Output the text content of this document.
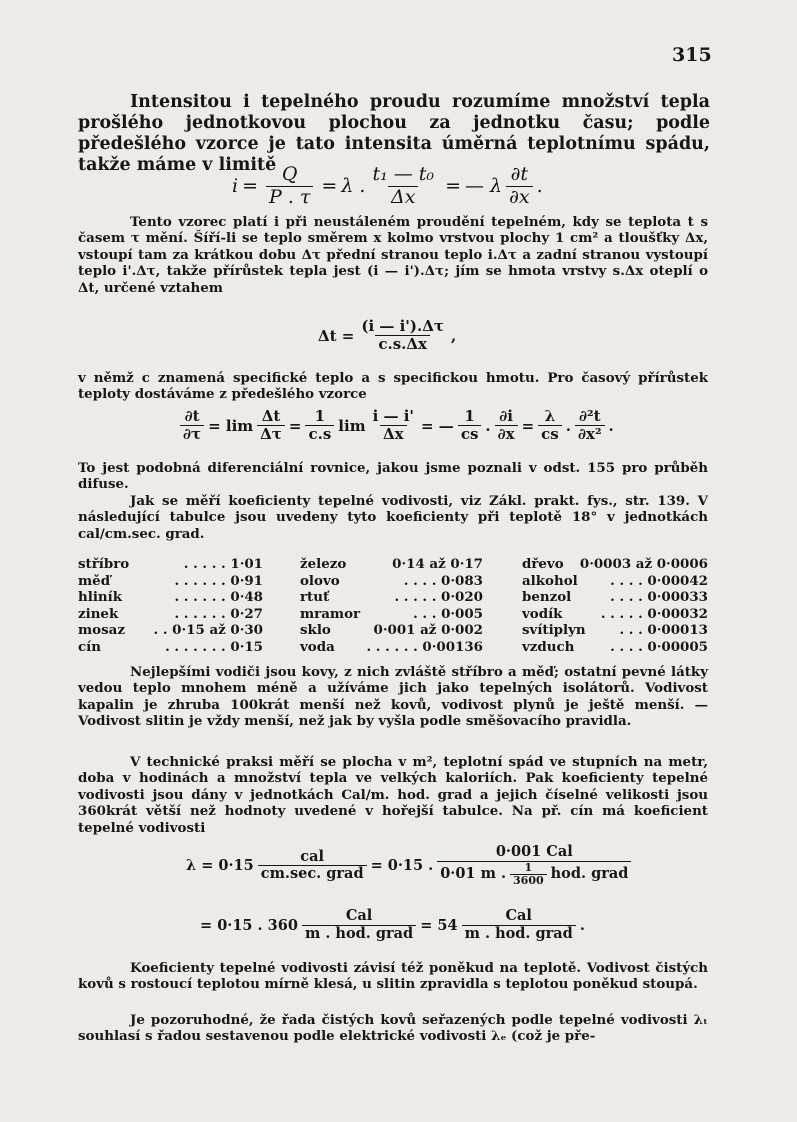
315
Intensitou i tepelného proudu rozumíme množství tepla prošlého jednotkovou plochou za jednotku času; podle předešlého vzorce je tato intensita úměrná teplotnímu spádu, takže máme v limitě
$i = \frac{Q}{P . \tau} = \lambda$ . $\frac{\text{t₁ — t₀}}{\Delta x}$ = — λ $\frac{\partial t}{\partial x}$ .
Tento vzorec platí i při neustáleném proudění tepelném, kdy se teplota t s časem τ mění. Šíří-li se teplo směrem x kolmo vrstvou plochy 1 cm² a tloušťky Δx, vstoupí tam za krátkou dobu Δτ přední stranou teplo i.Δτ a zadní stranou vystoupí teplo i'.Δτ, takže přírůstek tepla jest (i — i').Δτ; jím se hmota vrstvy s.Δx oteplí o Δt, určené vztahem
$\Delta t = \frac{(i — i').\Delta\tau}{c.s.\Delta x}$ ,
v němž c znamená specifické teplo a s specifickou hmotu. Pro časový přírůstek teploty dostáváme z předešlého vzorce
$\frac{\partial t}{\partial\tau} = \lim \frac{\Delta t}{\Delta\tau} = \frac{1}{c.s}$ $\lim \frac{i — i'}{\Delta x}$ = — $\frac{1}{cs}$ . $\frac{\partial i}{\partial x} = \frac{\lambda}{cs}$ . $\frac{\text{∂²t}}{\text{∂x²}}$ .
To jest podobná diferenciální rovnice, jakou jsme poznali v odst. 155 pro průběh difuse.
Jak se měří koeficienty tepelné vodivosti, viz Zákl. prakt. fys., str. 139. V následující tabulce jsou uvedeny tyto koeficienty při teplotě 18° v jednotkách cal/cm.sec. grad.
stříbro	. . . . . 1·01
měď	. . . . . . 0·91
hliník	. . . . . . 0·48
zinek	. . . . . . 0·27
mosaz	. . 0·15 až 0·30
cín	. . . . . . . 0·15
železo	0·14 až 0·17
olovo	. . . . 0·083
rtuť	. . . . . 0·020
mramor	. . . 0·005
sklo	0·001 až 0·002
voda	. . . . . . 0·00136
dřevo	0·0003 až 0·0006
alkohol	. . . . 0·00042
benzol	. . . . 0·00033
vodík	. . . . . 0·00032
svítiplyn	. . . 0·00013
vzduch	. . . . 0·00005
Nejlepšími vodiči jsou kovy, z nich zvláště stříbro a měď; ostatní pevné látky vedou teplo mnohem méně a užíváme jich jako tepelných isolátorů. Vodivost kapalin je zhruba 100krát menší než kovů, vodivost plynů je ještě menší. — Vodivost slitin je vždy menší, než jak by vyšla podle směšovacího pravidla.
V technické praksi měří se plocha v m², teplotní spád ve stupních na metr, doba v hodinách a množství tepla ve velkých kaloriích. Pak koeficienty tepelné vodivosti jsou dány v jednotkách Cal/m. hod. grad a jejich číselné velikosti jsou 360krát větší než hodnoty uvedené v hořejší tabulce. Na př. cín má koeficient tepelné vodivosti
$\lambda = 0\cdot 15 \frac{\text{cal}}{\text{cm.sec. grad}} = 0\cdot 15$ .
0·001 Cal
0·01 m . $\frac{1}{3600}$ hod. grad
= 0·15 . $360 \frac{\text{Cal}}{\text{m . hod. grad}} = 54 \frac{\text{Cal}}{\text{m . hod. grad}}$ .
Koeficienty tepelné vodivosti závisí též poněkud na teplotě. Vodivost čistých kovů s rostoucí teplotou mírně klesá, u slitin zpravidla s teplotou poněkud stoupá.
Je pozoruhodné, že řada čistých kovů seřazených podle tepelné vodivosti λₜ souhlasí s řadou sestavenou podle elektrické vodivosti λₑ (což je pře-
